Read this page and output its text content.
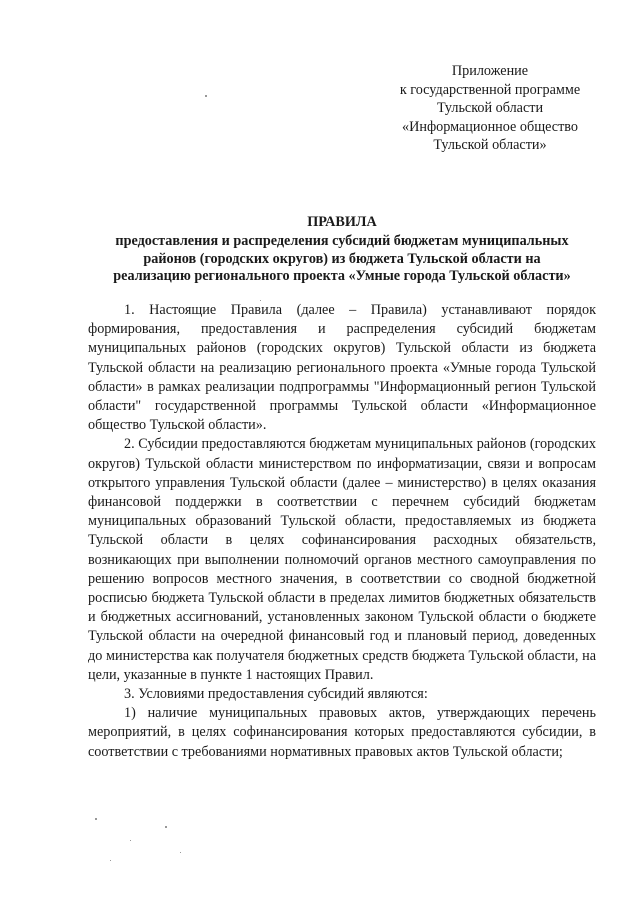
Приложение
к государственной программе
Тульской области
«Информационное общество
Тульской области»
ПРАВИЛА
предоставления и распределения субсидий бюджетам муниципальных
районов (городских округов) из бюджета Тульской области на
реализацию регионального проекта «Умные города Тульской области»

1. Настоящие Правила (далее – Правила) устанавливают порядок формирования, предоставления и распределения субсидий бюджетам муниципальных районов (городских округов) Тульской области из бюджета Тульской области на реализацию регионального проекта «Умные города Тульской области» в рамках реализации подпрограммы "Информационный регион Тульской области" государственной программы Тульской области «Информационное общество Тульской области».

2. Субсидии предоставляются бюджетам муниципальных районов (городских округов) Тульской области министерством по информатизации, связи и вопросам открытого управления Тульской области (далее – министерство) в целях оказания финансовой поддержки в соответствии с перечнем субсидий бюджетам муниципальных образований Тульской области, предоставляемых из бюджета Тульской области в целях софинансирования расходных обязательств, возникающих при выполнении полномочий органов местного самоуправления по решению вопросов местного значения, в соответствии со сводной бюджетной росписью бюджета Тульской области в пределах лимитов бюджетных обязательств и бюджетных ассигнований, установленных законом Тульской области о бюджете Тульской области на очередной финансовый год и плановый период, доведенных до министерства как получателя бюджетных средств бюджета Тульской области, на цели, указанные в пункте 1 настоящих Правил.

3. Условиями предоставления субсидий являются:

1) наличие муниципальных правовых актов, утверждающих перечень мероприятий, в целях софинансирования которых предоставляются субсидии, в соответствии с требованиями нормативных правовых актов Тульской области;
